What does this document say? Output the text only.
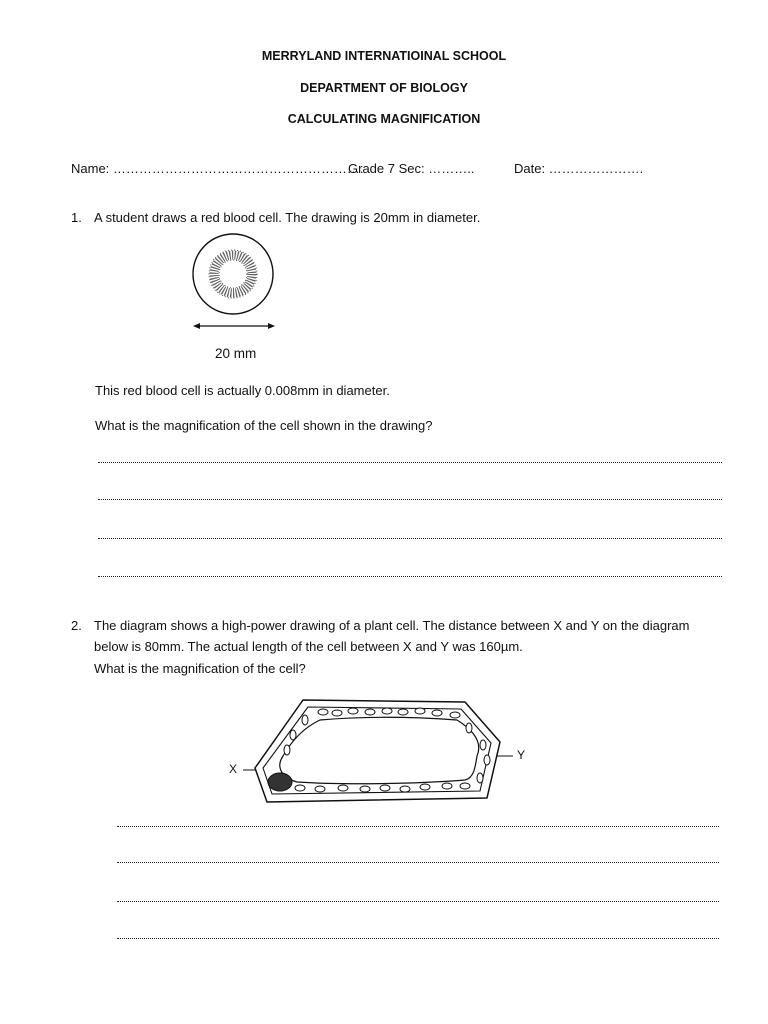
MERRYLAND INTERNATIOINAL SCHOOL
DEPARTMENT OF BIOLOGY
CALCULATING MAGNIFICATION
Name: ………………………………………………….
Grade 7 Sec: ………..	Date: ………………….
1. A student draws a red blood cell. The drawing is 20mm in diameter.
20 mm
This red blood cell is actually 0.008mm in diameter.
What is the magnification of the cell shown in the drawing?
2. The diagram shows a high-power drawing of a plant cell. The distance between X and Y on the diagram
below is 80mm. The actual length of the cell between X and Y was 160µm.
What is the magnification of the cell?
X
Y
